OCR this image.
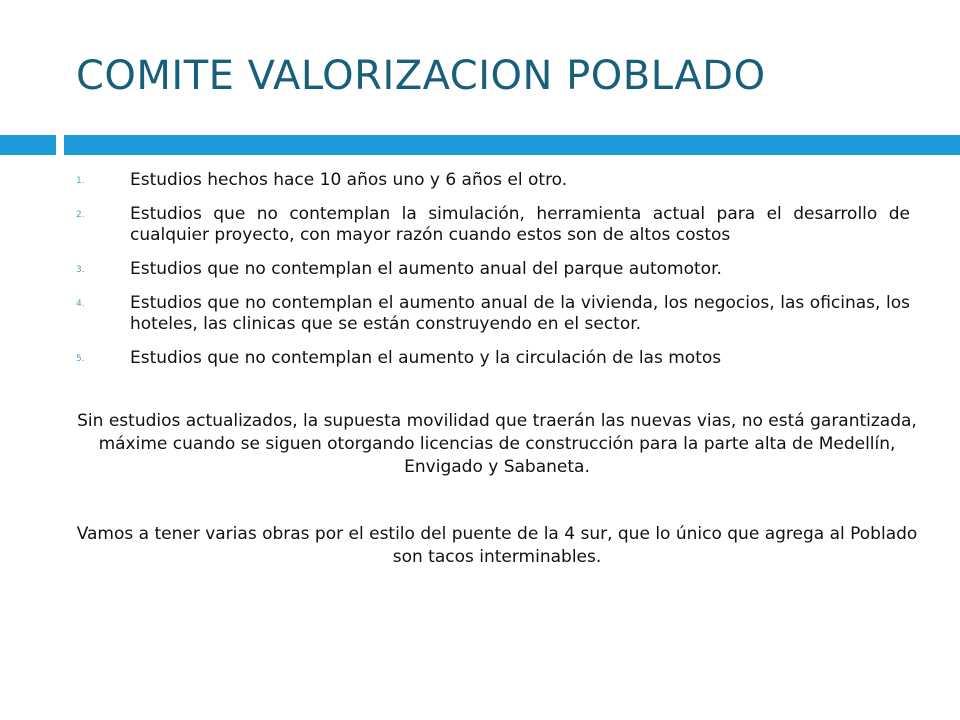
COMITE VALORIZACION POBLADO
1.	Estudios hechos hace 10 años uno y 6 años el otro.
2.	Estudios que no contemplan la simulación, herramienta actual para el desarrollo de cualquier proyecto, con mayor razón cuando estos son de altos costos
3.	Estudios que no contemplan el aumento anual del parque automotor.
4.	Estudios que no contemplan el aumento anual de la vivienda, los negocios, las oficinas, los hoteles, las clinicas que se están construyendo en el sector.
5.	Estudios que no contemplan el aumento y la circulación de las motos

Sin estudios actualizados, la supuesta movilidad que traerán las nuevas vias, no está garantizada, máxime cuando se siguen otorgando licencias de construcción para la parte alta de Medellín, Envigado y Sabaneta.

Vamos a tener varias obras por el estilo del puente de la 4 sur, que lo único que agrega al Poblado son tacos interminables.
